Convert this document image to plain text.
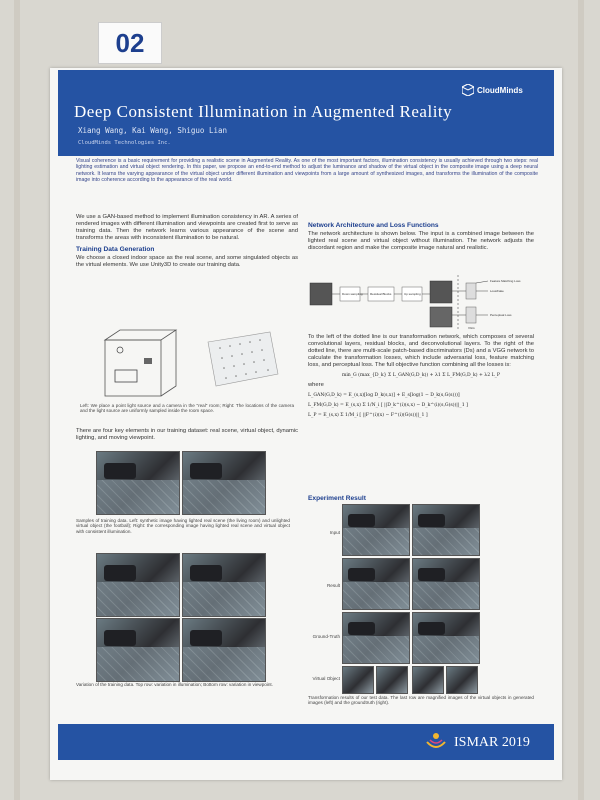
02
Deep Consistent Illumination in Augmented Reality
Xiang Wang, Kai Wang, Shiguo Lian
CloudMinds Technologies Inc.
CloudMinds
Visual coherence is a basic requirement for providing a realistic scene in Augmented Reality. As one of the most important factors, illumination consistency is usually achieved through two steps: real lighting estimation and virtual object rendering. In this paper, we propose an end-to-end method to adjust the luminance and shadow of the virtual object in the composite image using a deep neural network. It learns the varying appearance of the virtual object under different illumination and viewpoints from a large amount of synthesized images, and transforms the illumination of the composite image into coherence according to the appearance of the real world.
We use a GAN-based method to implement illumination consistency in AR. A series of rendered images with different illumination and viewpoints are created first to serve as training data. Then the network learns various appearance of the scene and transforms the areas with inconsistent illumination to be natural.
Training Data Generation
We choose a closed indoor space as the real scene, and some singulated objects as the virtual elements. We use Unity3D to create our training data.
Left: We place a point light source and a camera in the "real" room; Right: The locations of the camera and the light source are uniformly sampled inside the room space.
There are four key elements in our training dataset: real scene, virtual object, dynamic lighting, and moving viewpoint.
Samples of training data. Left: synthetic image having lighted real scene (the living room) and unlighted virtual object (the football); Right: the corresponding image having lighted real scene and virtual object with consistent illumination.
Variation of the training data. Top row: variation in illumination; Bottom row: variation in viewpoint.
Network Architecture and Loss Functions
The network architecture is shown below. The input is a combined image between the lighted real scene and virtual object without illumination. The network adjusts the discordant region and make the composite image natural and realistic.
Down sampling Residual Blocks	Up sampling
Feature Matching Loss
Loss/Fake
Perceptual Loss
VGG
To the left of the dotted line is our transformation network, which composes of several convolutional layers, residual blocks, and deconvolutional layers. To the right of the dotted line, there are multi-scale patch-based discriminators (Ds) and a VGG network to calculate the transformation losses, which include adversarial loss, feature matching loss, and perceptual loss. The full objective function combining all the losses is:
min_G (max_{D_k} Σ L_GAN(G,D_k)) + λ1 Σ L_FM(G,D_k) + λ2 L_P
where
L_GAN(G,D_k) = E_(s,x)[log D_k(s,x)] + E_s[log(1 − D_k(s,G(s)))]
L_FM(G,D_k) = E_(s,x) Σ 1/N_i [ ||D_k^(i)(s,x) − D_k^(i)(s,G(s))||_1 ]
L_P = E_(s,x) Σ 1/M_i [ ||F^(i)(x) − F^(i)(G(s))||_1 ]
Experiment Result
Input
Result
Ground-Truth
Virtual Object
Transformation results of our test data. The last row are magnified images of the virtual objects in generated images (left) and the groundtruth (right).
ISMAR 2019
